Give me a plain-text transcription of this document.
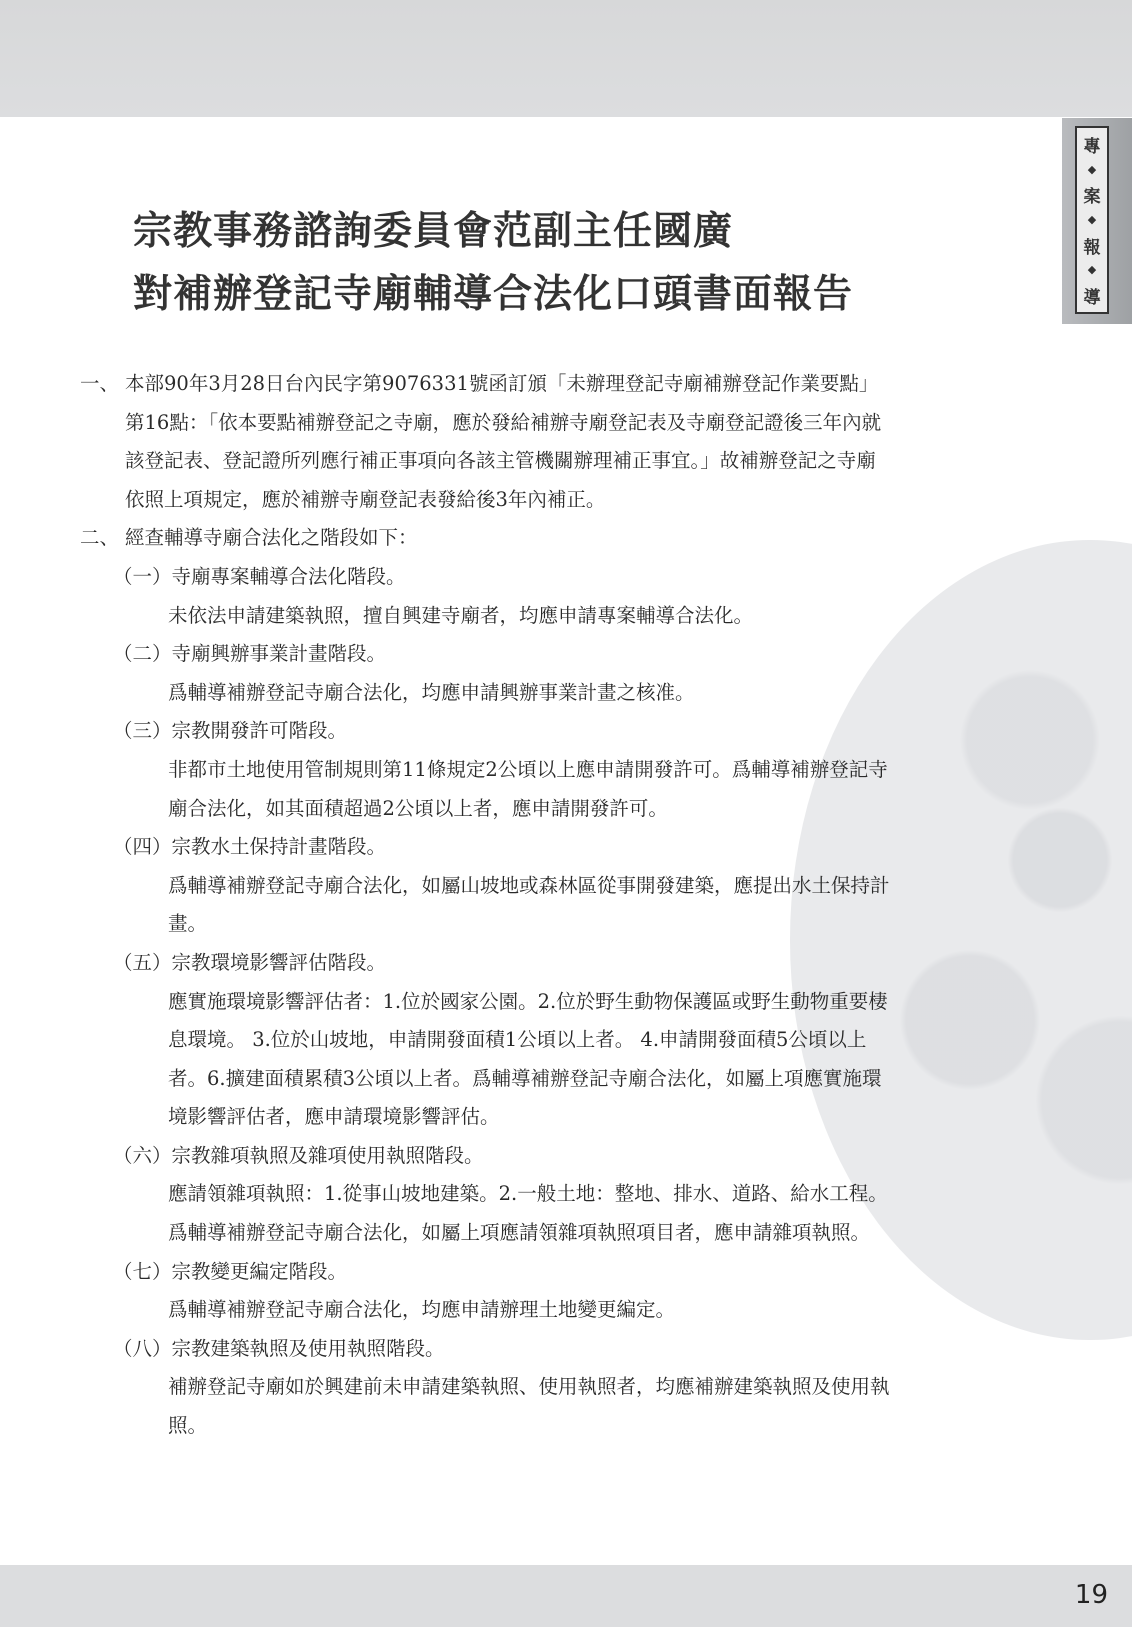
專
◆
案
◆
報
◆
導
宗教事務諮詢委員會范副主任國廣
對補辦登記寺廟輔導合法化口頭書面報告
一、 本部90年3月28日台內民字第9076331號函訂頒「未辦理登記寺廟補辦登記作業要點」第16點：「依本要點補辦登記之寺廟，應於發給補辦寺廟登記表及寺廟登記證後三年內就該登記表、登記證所列應行補正事項向各該主管機關辦理補正事宜。」故補辦登記之寺廟依照上項規定，應於補辦寺廟登記表發給後3年內補正。
二、 經查輔導寺廟合法化之階段如下：
（一）寺廟專案輔導合法化階段。
未依法申請建築執照，擅自興建寺廟者，均應申請專案輔導合法化。
（二）寺廟興辦事業計畫階段。
爲輔導補辦登記寺廟合法化，均應申請興辦事業計畫之核准。
（三）宗教開發許可階段。
非都市土地使用管制規則第11條規定2公頃以上應申請開發許可。爲輔導補辦登記寺廟合法化，如其面積超過2公頃以上者，應申請開發許可。
（四）宗教水土保持計畫階段。
爲輔導補辦登記寺廟合法化，如屬山坡地或森林區從事開發建築，應提出水土保持計畫。
（五）宗教環境影響評估階段。
應實施環境影響評估者：1.位於國家公園。2.位於野生動物保護區或野生動物重要棲息環境。 3.位於山坡地，申請開發面積1公頃以上者。 4.申請開發面積5公頃以上者。6.擴建面積累積3公頃以上者。爲輔導補辦登記寺廟合法化，如屬上項應實施環境影響評估者，應申請環境影響評估。
（六）宗教雜項執照及雜項使用執照階段。
應請領雜項執照：1.從事山坡地建築。2.一般土地：整地、排水、道路、給水工程。爲輔導補辦登記寺廟合法化，如屬上項應請領雜項執照項目者，應申請雜項執照。
（七）宗教變更編定階段。
爲輔導補辦登記寺廟合法化，均應申請辦理土地變更編定。
（八）宗教建築執照及使用執照階段。
補辦登記寺廟如於興建前未申請建築執照、使用執照者，均應補辦建築執照及使用執照。
19
